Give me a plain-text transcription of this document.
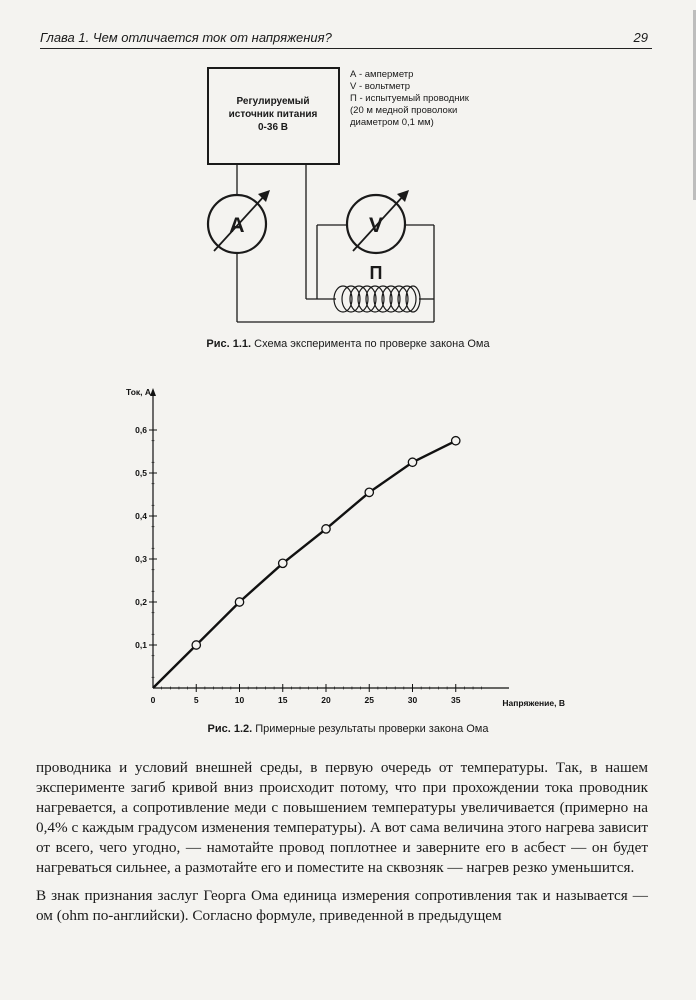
Глава 1. Чем отличается ток от напряжения?	29
A	V
П
Регулируемый
источник питания
0-36 В
А - амперметр
V - вольтметр
П - испытуемый проводник
(20 м медной проволоки
диаметром 0,1 мм)
Рис. 1.1. Схема эксперимента по проверке закона Ома
0	5	10	15	20	25	30	35
0,1
0,2
0,3
0,4
0,5
0,6
Ток, А
Напряжение, В
Рис. 1.2. Примерные результаты проверки закона Ома

проводника и условий внешней среды, в первую очередь от температуры. Так, в нашем эксперименте загиб кривой вниз происходит потому, что при прохождении тока проводник нагревается, а сопротивление меди с повышением температуры увеличивается (примерно на 0,4% с каждым градусом изменения температуры). А вот сама величина этого нагрева зависит от всего, чего угодно, — намотайте провод поплотнее и заверните его в асбест — он будет нагреваться сильнее, а размотайте его и поместите на сквозняк — нагрев резко уменьшится.

В знак признания заслуг Георга Ома единица измерения сопротивления так и называется — ом (ohm по-английски). Согласно формуле, приведенной в предыдущем
